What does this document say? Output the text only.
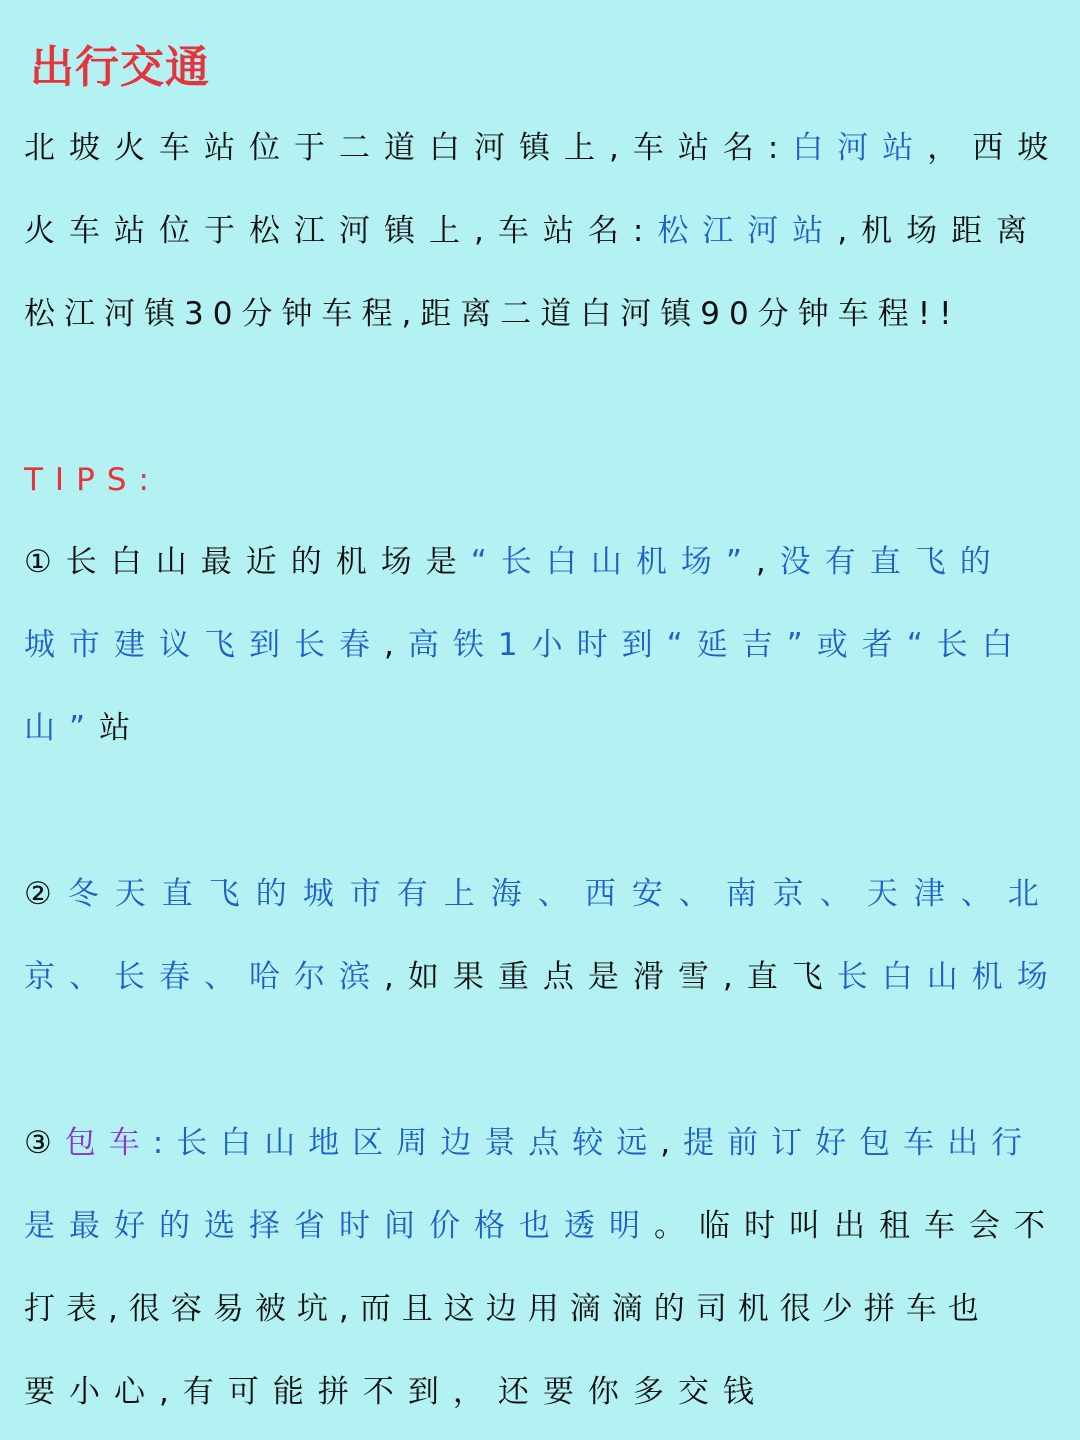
出行交通
北坡火车站位于二道白河镇上,车站名: 白河站 ，西坡
火车站位于松江河镇上,车站名: 松江河站 ,机场距离
松江河镇30分钟车程,距离二道白河镇90分钟车程!!
TIPS:
① 长白山最近的机场是 “长白山机场” , 没有直飞的
城市建议飞到长春 , 高铁1小时到“延吉”或者“长白
山” 站
② 冬天直飞的城市有上海、西安、南京、天津、北
京、长春、哈尔滨 ,如果重点是滑雪,直飞 长白山机场
③ 包车 : 长白山地区周边景点较远 , 提前订好包车出行
是最好的选择省时间价格也透明 。临时叫出租车会不
打表,很容易被坑,而且这边用滴滴的司机很少拼车也
要小心,有可能拼不到，还要你多交钱
